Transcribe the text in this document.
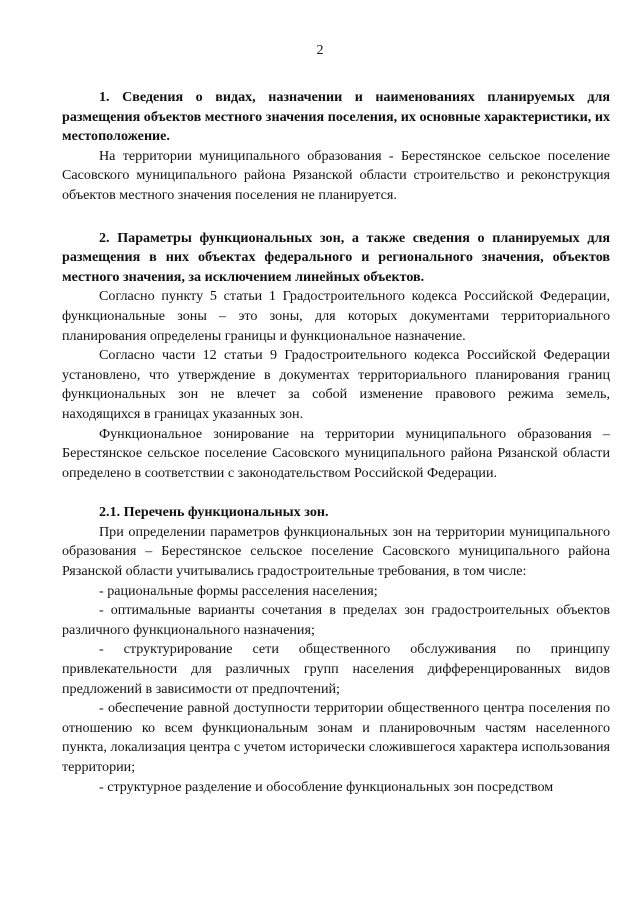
2

1. Сведения о видах, назначении и наименованиях планируемых для размещения объектов местного значения поселения, их основные характеристики, их местоположение.

На территории муниципального образования - Берестянское сельское поселение Сасовского муниципального района Рязанской области строительство и реконструкция объектов местного значения поселения не планируется.

2. Параметры функциональных зон, а также сведения о планируемых для размещения в них объектах федерального и регионального значения, объектов местного значения, за исключением линейных объектов.

Согласно пункту 5 статьи 1 Градостроительного кодекса Российской Федерации, функциональные зоны – это зоны, для которых документами территориального планирования определены границы и функциональное назначение.

Согласно части 12 статьи 9 Градостроительного кодекса Российской Федерации установлено, что утверждение в документах территориального планирования границ функциональных зон не влечет за собой изменение правового режима земель, находящихся в границах указанных зон.

Функциональное зонирование на территории муниципального образования – Берестянское сельское поселение Сасовского муниципального района Рязанской области определено в соответствии с законодательством Российской Федерации.

2.1. Перечень функциональных зон.

При определении параметров функциональных зон на территории муниципального образования – Берестянское сельское поселение Сасовского муниципального района Рязанской области учитывались градостроительные требования, в том числе:

- рациональные формы расселения населения;

- оптимальные варианты сочетания в пределах зон градостроительных объектов различного функционального назначения;

- структурирование сети общественного обслуживания по принципу привлекательности для различных групп населения дифференцированных видов предложений в зависимости от предпочтений;

- обеспечение равной доступности территории общественного центра поселения по отношению ко всем функциональным зонам и планировочным частям населенного пункта, локализация центра с учетом исторически сложившегося характера использования территории;

- структурное разделение и обособление функциональных зон посредством
